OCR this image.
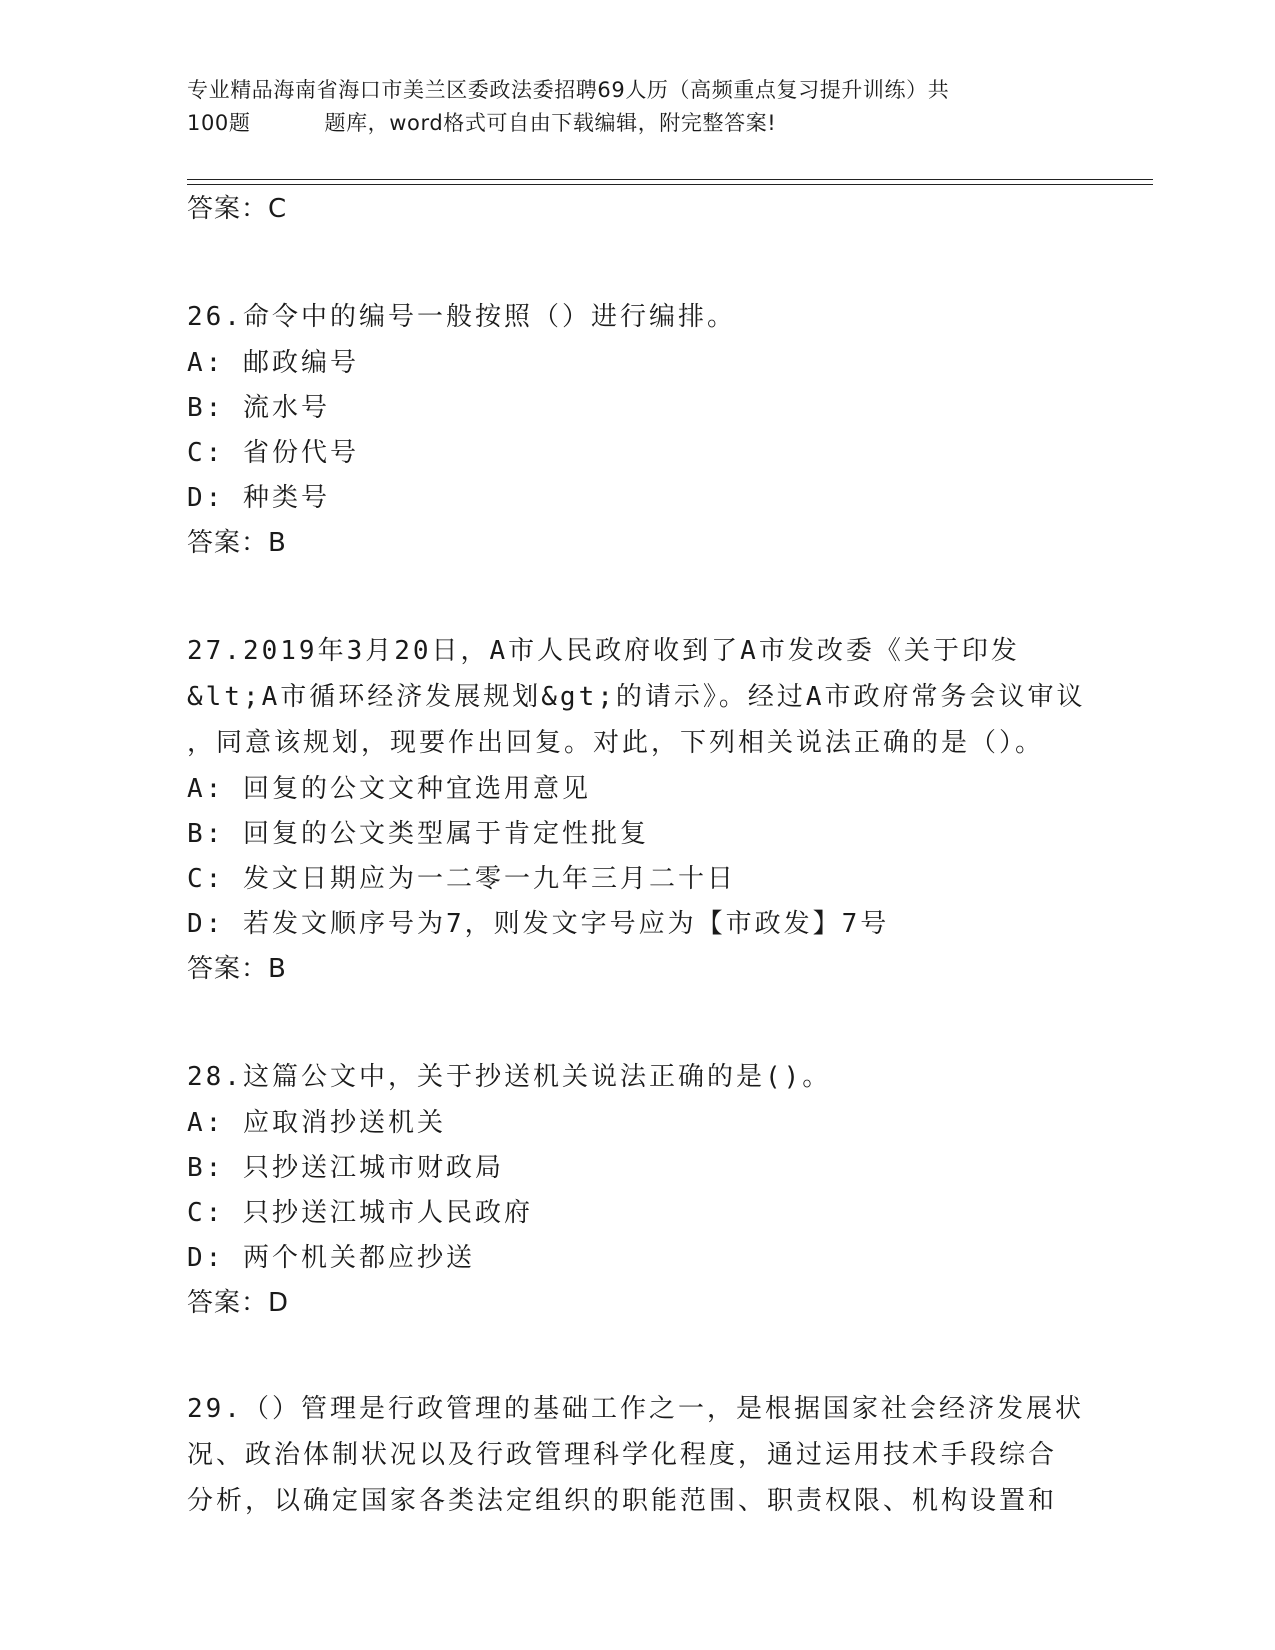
专业精品海南省海口市美兰区委政法委招聘69人历（高频重点复习提升训练）共
100题	题库，word格式可自由下载编辑，附完整答案!
答案：C
26.命令中的编号一般按照（）进行编排。
A: 邮政编号
B: 流水号
C: 省份代号
D: 种类号
答案：B
27.2019年3月20日，A市人民政府收到了A市发改委《关于印发
&lt;A市循环经济发展规划&gt;的请示》。经过A市政府常务会议审议
，同意该规划，现要作出回复。对此，下列相关说法正确的是（）。
A: 回复的公文文种宜选用意见
B: 回复的公文类型属于肯定性批复
C: 发文日期应为一二零一九年三月二十日
D: 若发文顺序号为7，则发文字号应为【市政发】7号
答案：B
28.这篇公文中，关于抄送机关说法正确的是()。
A: 应取消抄送机关
B: 只抄送江城市财政局
C: 只抄送江城市人民政府
D: 两个机关都应抄送
答案：D
29.（）管理是行政管理的基础工作之一，是根据国家社会经济发展状
况、政治体制状况以及行政管理科学化程度，通过运用技术手段综合
分析，以确定国家各类法定组织的职能范围、职责权限、机构设置和
